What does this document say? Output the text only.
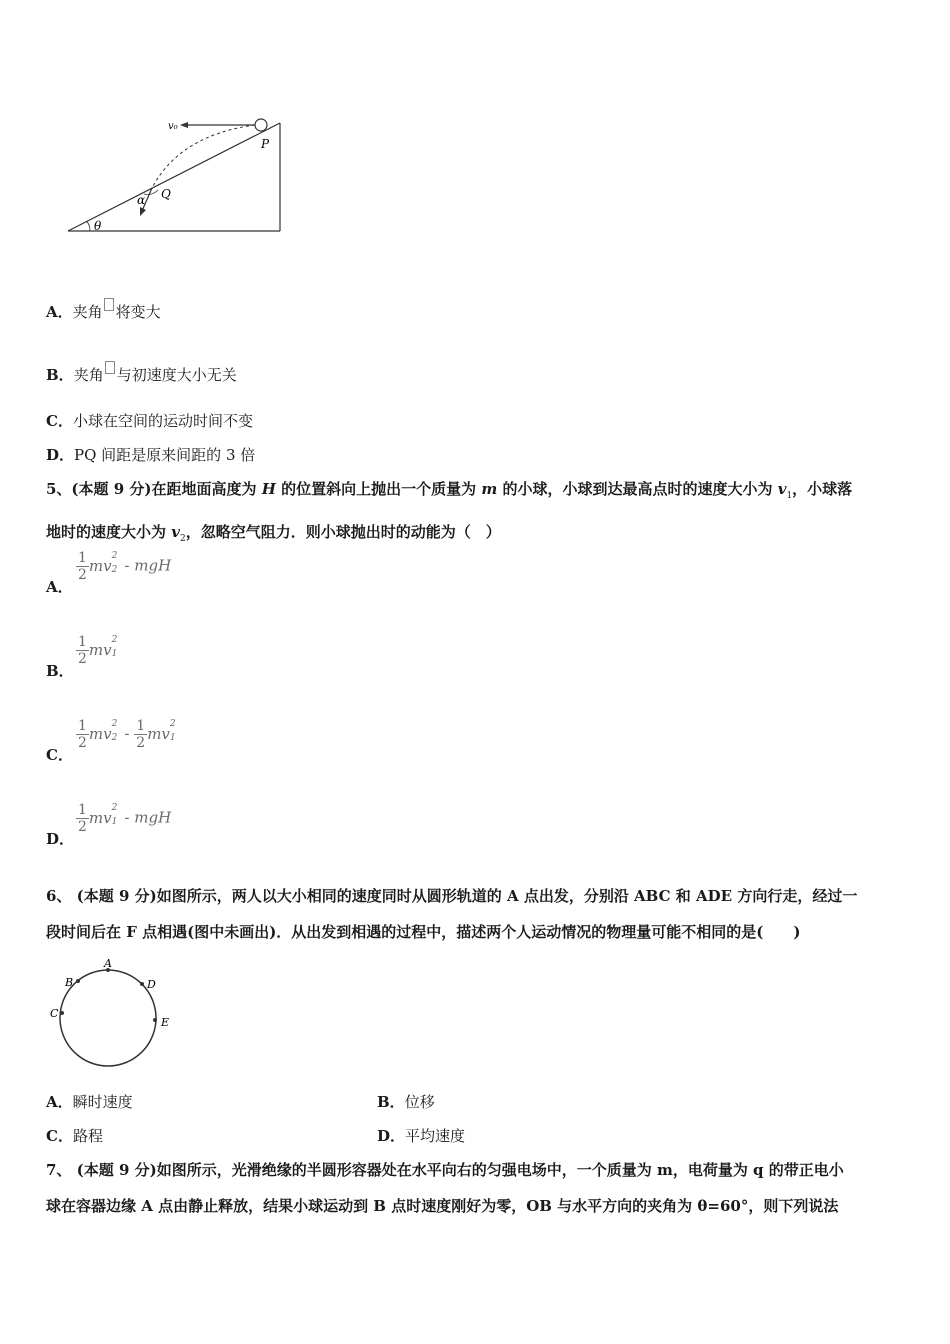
v₀
P
Q
α
θ
A．夹角 将变大
B．夹角 与初速度大小无关
C．小球在空间的运动时间不变
D．PQ 间距是原来间距的 3 倍
5、(本题 9 分)在距地面高度为 H 的位置斜向上抛出一个质量为 m 的小球，小球到达最高点时的速度大小为 $v_1$，小球落
地时的速度大小为 $v_2$，忽略空气阻力．则小球抛出时的动能为（　）
A．
$\frac{1}{2}$ mv
2
2 - mgH
B．
$\frac{1}{2}$ mv
2
1
C．
$\frac{1}{2}$ mv
2
$2 - \frac{1}{2}$ mv
2
1
D．
$\frac{1}{2}$ mv
2
1 - mgH
6、 (本题 9 分)如图所示，两人以大小相同的速度同时从圆形轨道的 A 点出发，分别沿 ABC 和 ADE 方向行走，经过一
段时间后在 F 点相遇(图中未画出)．从出发到相遇的过程中，描述两个人运动情况的物理量可能不相同的是(　　)
A
B
C
D
E
A．瞬时速度	B．位移
C．路程	D．平均速度
7、 (本题 9 分)如图所示，光滑绝缘的半圆形容器处在水平向右的匀强电场中，一个质量为 m，电荷量为 q 的带正电小
球在容器边缘 A 点由静止释放，结果小球运动到 B 点时速度刚好为零，OB 与水平方向的夹角为 θ=60°，则下列说法
